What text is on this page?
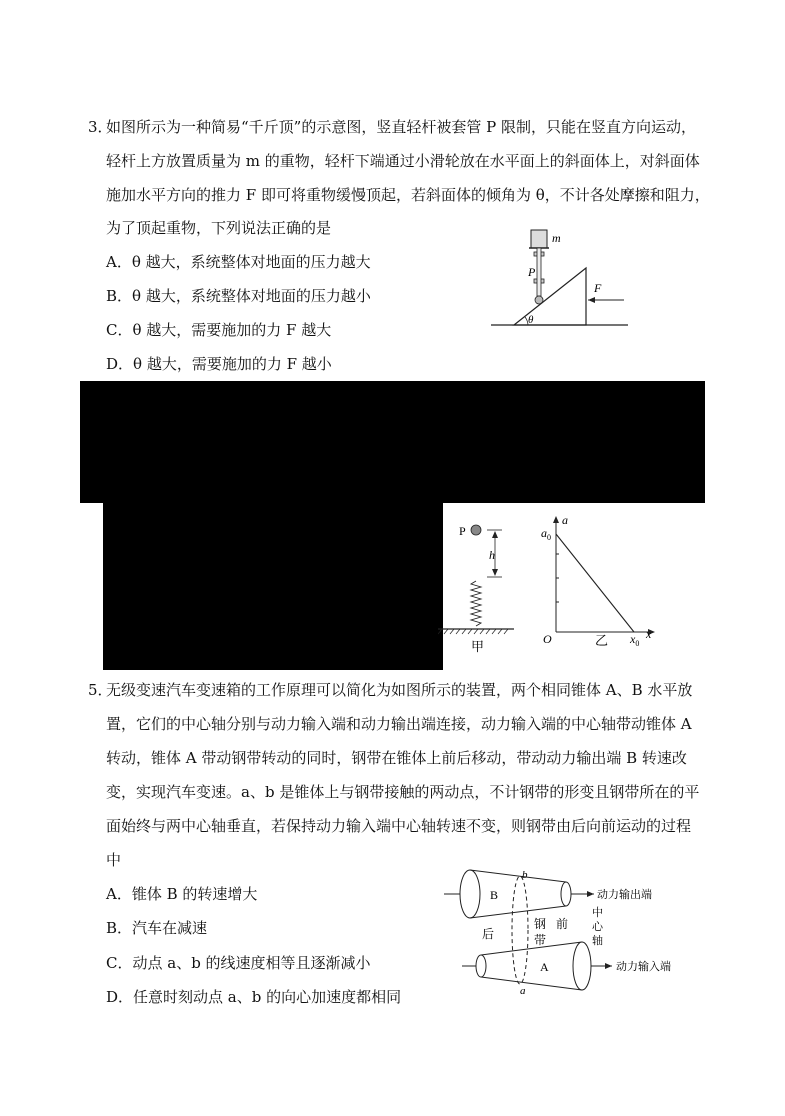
3．
如图所示为一种简易“千斤顶”的示意图，竖直轻杆被套管 P 限制，只能在竖直方向运动，
轻杆上方放置质量为 m 的重物，轻杆下端通过小滑轮放在水平面上的斜面体上，对斜面体
施加水平方向的推力 F 即可将重物缓慢顶起，若斜面体的倾角为 θ，不计各处摩擦和阻力，
为了顶起重物，下列说法正确的是
A．θ 越大，系统整体对地面的压力越大
B．θ 越大，系统整体对地面的压力越小
C．θ 越大，需要施加的力 F 越大
D．θ 越大，需要施加的力 F 越小
m
P
θ
F
P
h
甲
a
$a_0$
O	$x_0$
x
乙
5．
无级变速汽车变速箱的工作原理可以简化为如图所示的装置，两个相同锥体 A、B 水平放
置，它们的中心轴分别与动力输入端和动力输出端连接，动力输入端的中心轴带动锥体 A
转动，锥体 A 带动钢带转动的同时，钢带在锥体上前后移动，带动动力输出端 B 转速改
变，实现汽车变速。a、b 是锥体上与钢带接触的两动点，不计钢带的形变且钢带所在的平
面始终与两中心轴垂直，若保持动力输入端中心轴转速不变，则钢带由后向前运动的过程
中
A．锥体 B 的转速增大
B．汽车在减速
C．动点 a、b 的线速度相等且逐渐减小
D．任意时刻动点 a、b 的向心加速度都相同
B	动力输出端
A	动力输入端
b
a
后
钢
带
前
中
心
轴
